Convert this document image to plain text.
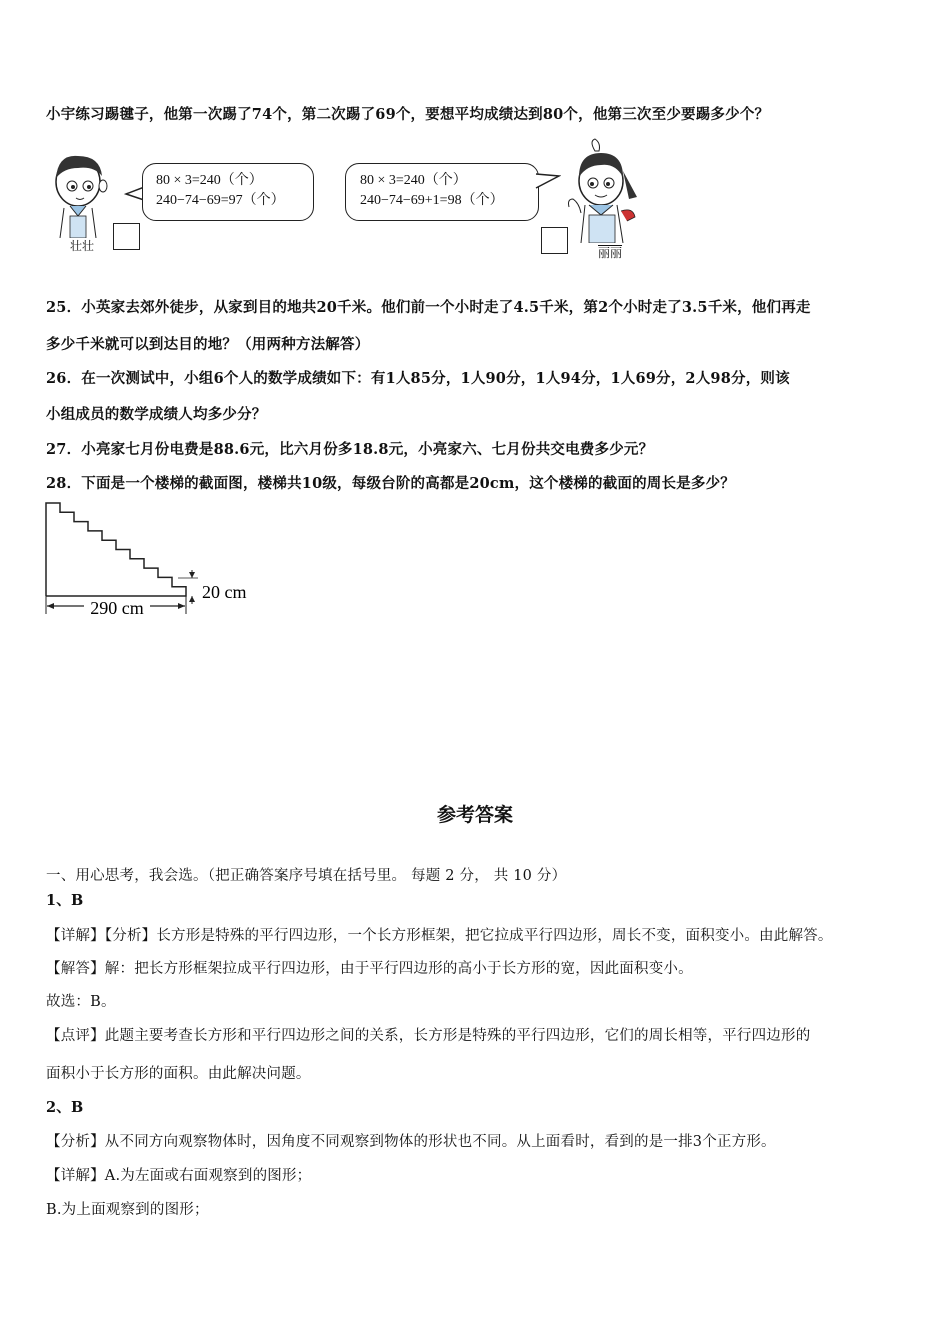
小宇练习踢毽子，他第一次踢了74个，第二次踢了69个，要想平均成绩达到80个，他第三次至少要踢多少个？
壮壮
80 × 3=240（个）
240−74−69=97（个）
80 × 3=240（个）
240−74−69+1=98（个）
丽丽
25．小英家去郊外徒步，从家到目的地共20千米。他们前一个小时走了4.5千米，第2个小时走了3.5千米，他们再走
多少千米就可以到达目的地？（用两种方法解答）
26．在一次测试中，小组6个人的数学成绩如下：有1人85分，1人90分，1人94分，1人69分，2人98分，则该
小组成员的数学成绩人均多少分？
27．小亮家七月份电费是88.6元，比六月份多18.8元，小亮家六、七月份共交电费多少元？
28．下面是一个楼梯的截面图，楼梯共10级，每级台阶的高都是20cm，这个楼梯的截面的周长是多少？
290 cm
20 cm
参考答案
一、用心思考，我会选。（把正确答案序号填在括号里。 每题 2 分， 共 10 分）
1、B
【详解】【分析】长方形是特殊的平行四边形，一个长方形框架，把它拉成平行四边形，周长不变，面积变小。由此解答。
【解答】解：把长方形框架拉成平行四边形，由于平行四边形的高小于长方形的宽，因此面积变小。
故选：B。
【点评】此题主要考查长方形和平行四边形之间的关系，长方形是特殊的平行四边形，它们的周长相等，平行四边形的
面积小于长方形的面积。由此解决问题。
2、B
【分析】从不同方向观察物体时，因角度不同观察到物体的形状也不同。从上面看时，看到的是一排3个正方形。
【详解】A.为左面或右面观察到的图形；
B.为上面观察到的图形；
